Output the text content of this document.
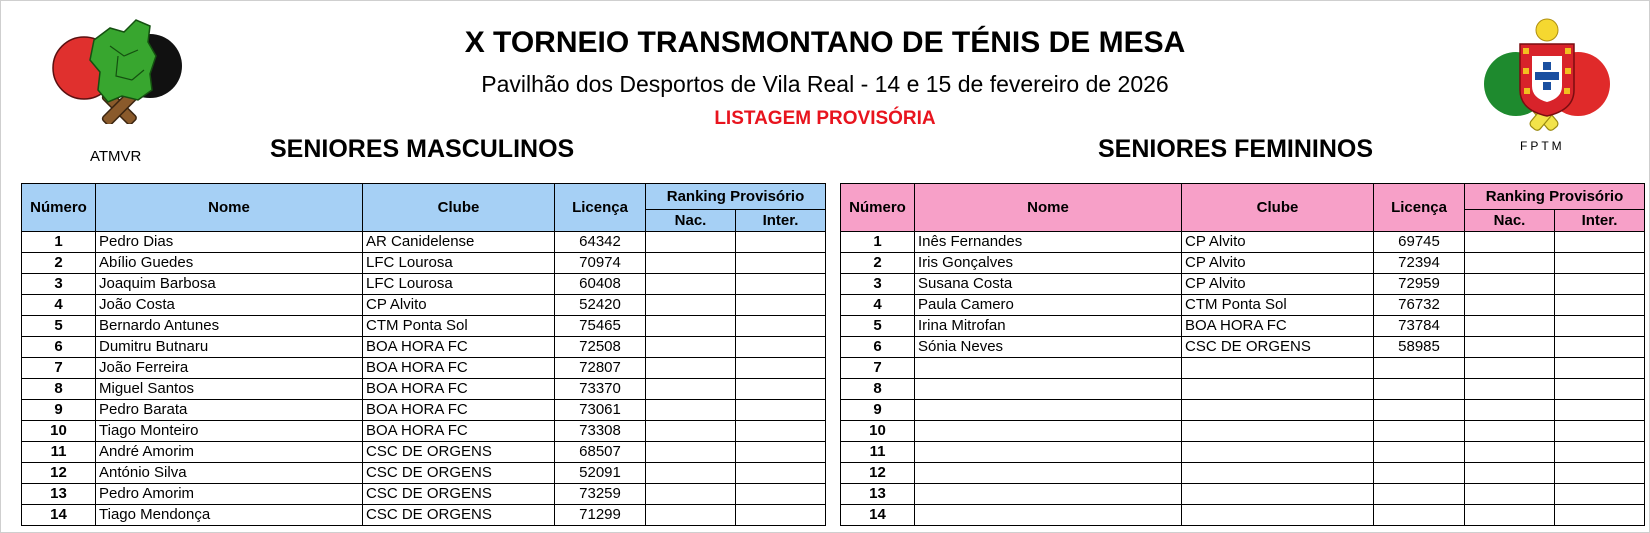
ATMVR
FPTM
X TORNEIO TRANSMONTANO DE TÉNIS DE MESA
Pavilhão dos Desportos de Vila Real - 14 e 15 de fevereiro de 2026
LISTAGEM PROVISÓRIA
SENIORES MASCULINOS	SENIORES FEMININOS
Número	Nome	Clube	Licença	Ranking Provisório	
				Nac.	Inter.
1	Pedro Dias	AR Canidelense	64342		
2	Abílio Guedes	LFC Lourosa	70974		
3	Joaquim Barbosa	LFC Lourosa	60408		
4	João Costa	CP Alvito	52420		
5	Bernardo Antunes	CTM Ponta Sol	75465		
6	Dumitru Butnaru	BOA HORA FC	72508		
7	João Ferreira	BOA HORA FC	72807		
8	Miguel Santos	BOA HORA FC	73370		
9	Pedro Barata	BOA HORA FC	73061		
10	Tiago Monteiro	BOA HORA FC	73308		
11	André Amorim	CSC DE ORGENS	68507		
12	António Silva	CSC DE ORGENS	52091		
13	Pedro Amorim	CSC DE ORGENS	73259		
14	Tiago Mendonça	CSC DE ORGENS	71299		
Número	Nome	Clube	Licença	Ranking Provisório	
				Nac.	Inter.
1	Inês Fernandes	CP Alvito	69745		
2	Iris Gonçalves	CP Alvito	72394		
3	Susana Costa	CP Alvito	72959		
4	Paula Camero	CTM Ponta Sol	76732		
5	Irina Mitrofan	BOA HORA FC	73784		
6	Sónia Neves	CSC DE ORGENS	58985		
7					
8					
9					
10					
11					
12					
13					
14					
